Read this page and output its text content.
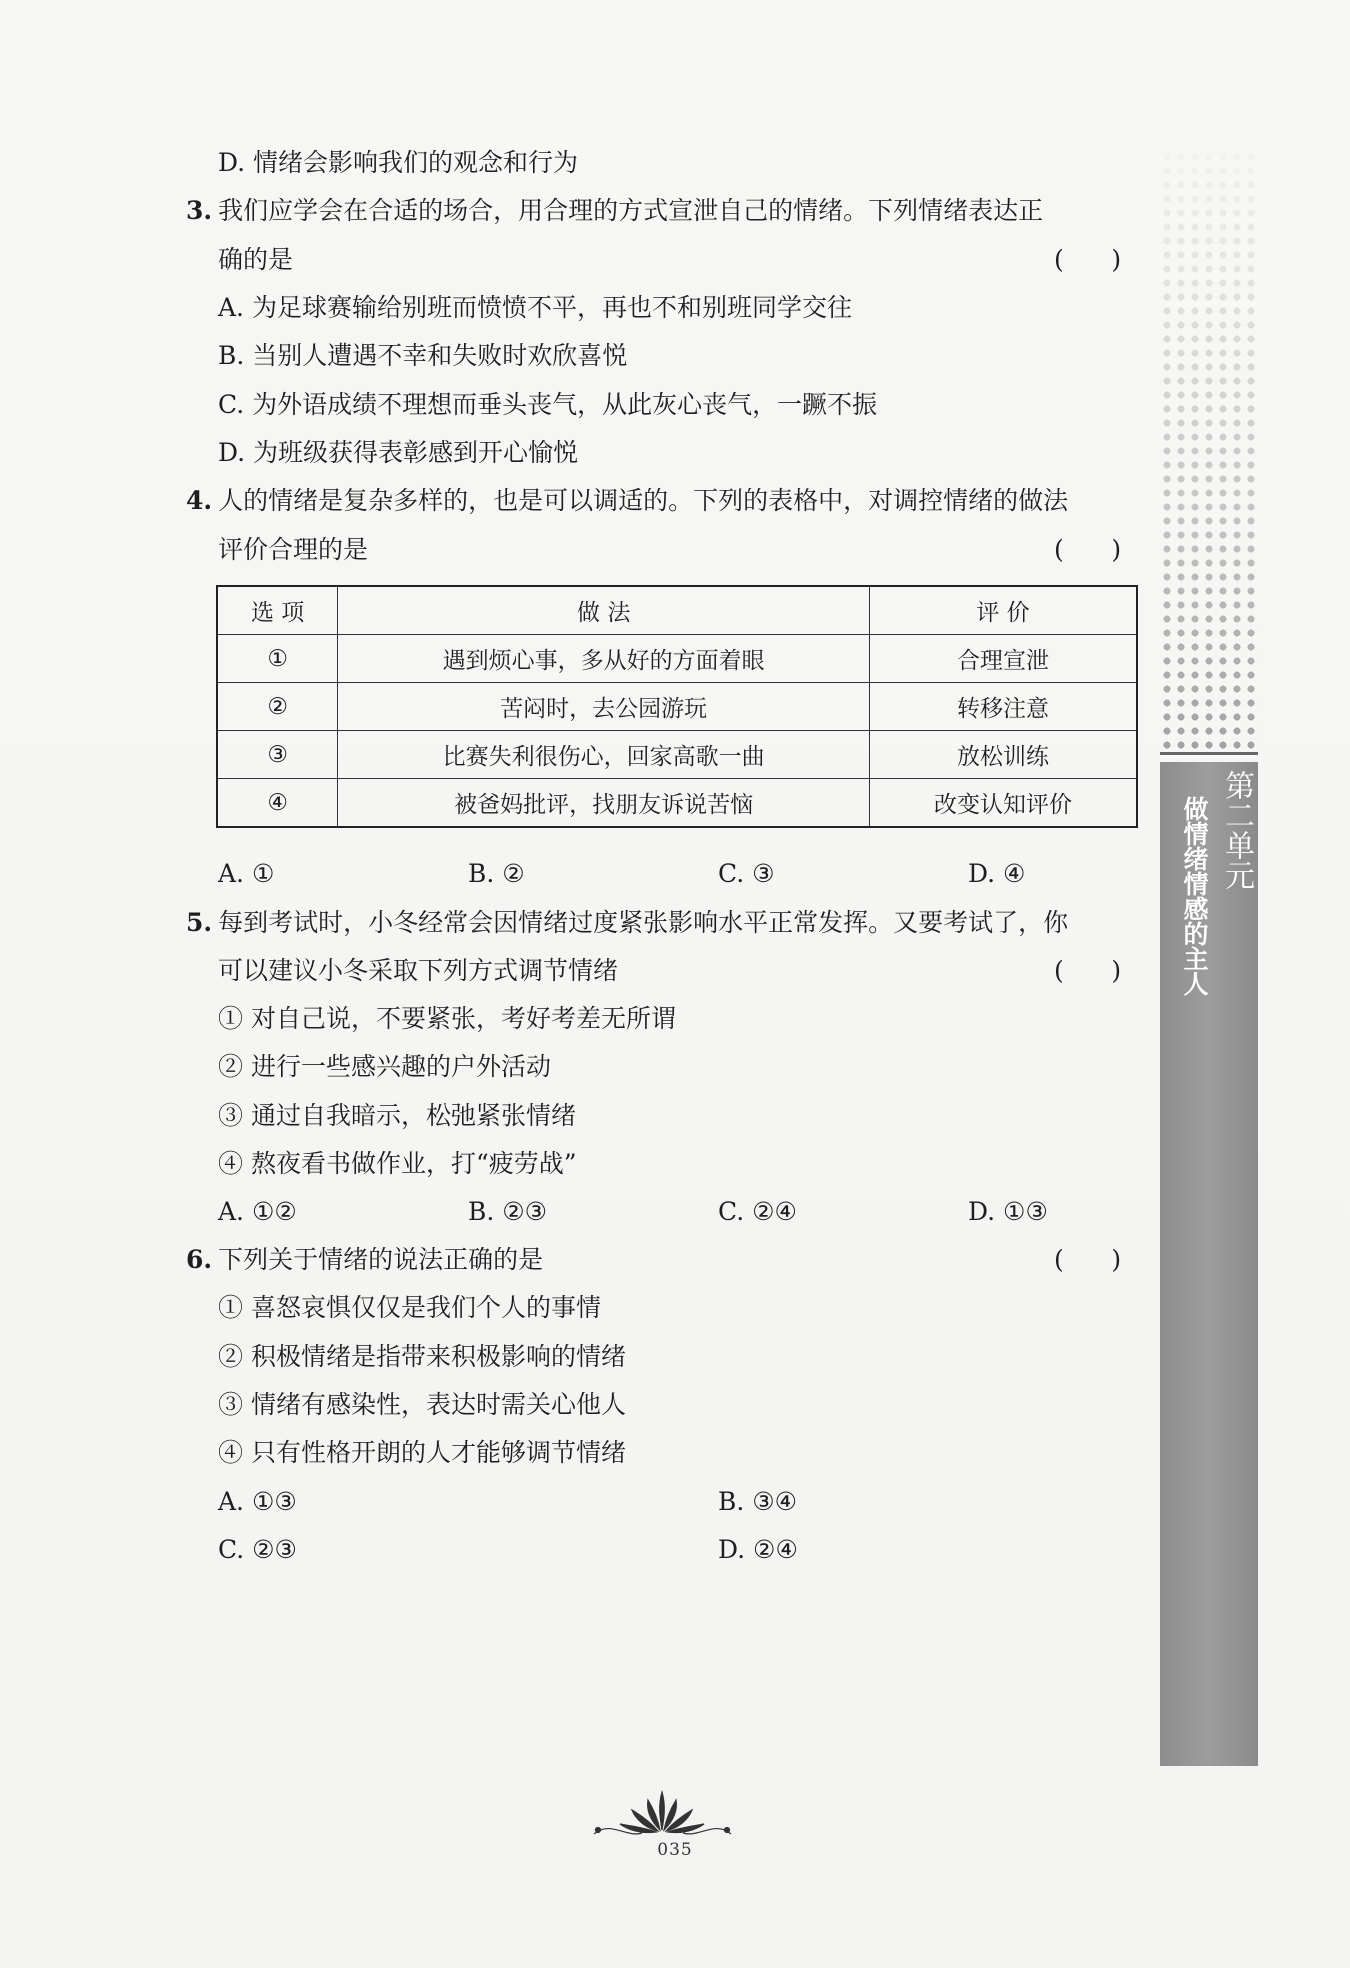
D. 情绪会影响我们的观念和行为
3. 我们应学会在合适的场合，用合理的方式宣泄自己的情绪。下列情绪表达正
确的是	(      )
A. 为足球赛输给别班而愤愤不平，再也不和别班同学交往
B. 当别人遭遇不幸和失败时欢欣喜悦
C. 为外语成绩不理想而垂头丧气，从此灰心丧气，一蹶不振
D. 为班级获得表彰感到开心愉悦
4. 人的情绪是复杂多样的，也是可以调适的。下列的表格中，对调控情绪的做法
评价合理的是	(      )
选 项	做 法	评 价
①	遇到烦心事，多从好的方面着眼	合理宣泄
②	苦闷时，去公园游玩	转移注意
③	比赛失利很伤心，回家高歌一曲	放松训练
④	被爸妈批评，找朋友诉说苦恼	改变认知评价
A. ①	B. ②	C. ③	D. ④
5. 每到考试时，小冬经常会因情绪过度紧张影响水平正常发挥。又要考试了，你
可以建议小冬采取下列方式调节情绪	(      )
① 对自己说，不要紧张，考好考差无所谓
② 进行一些感兴趣的户外活动
③ 通过自我暗示，松弛紧张情绪
④ 熬夜看书做作业，打“疲劳战”
A. ①②	B. ②③	C. ②④	D. ①③
6. 下列关于情绪的说法正确的是	(      )
① 喜怒哀惧仅仅是我们个人的事情
② 积极情绪是指带来积极影响的情绪
③ 情绪有感染性，表达时需关心他人
④ 只有性格开朗的人才能够调节情绪
A. ①③	B. ③④
C. ②③	D. ②④
第二单元
做情绪情感的主人
035
